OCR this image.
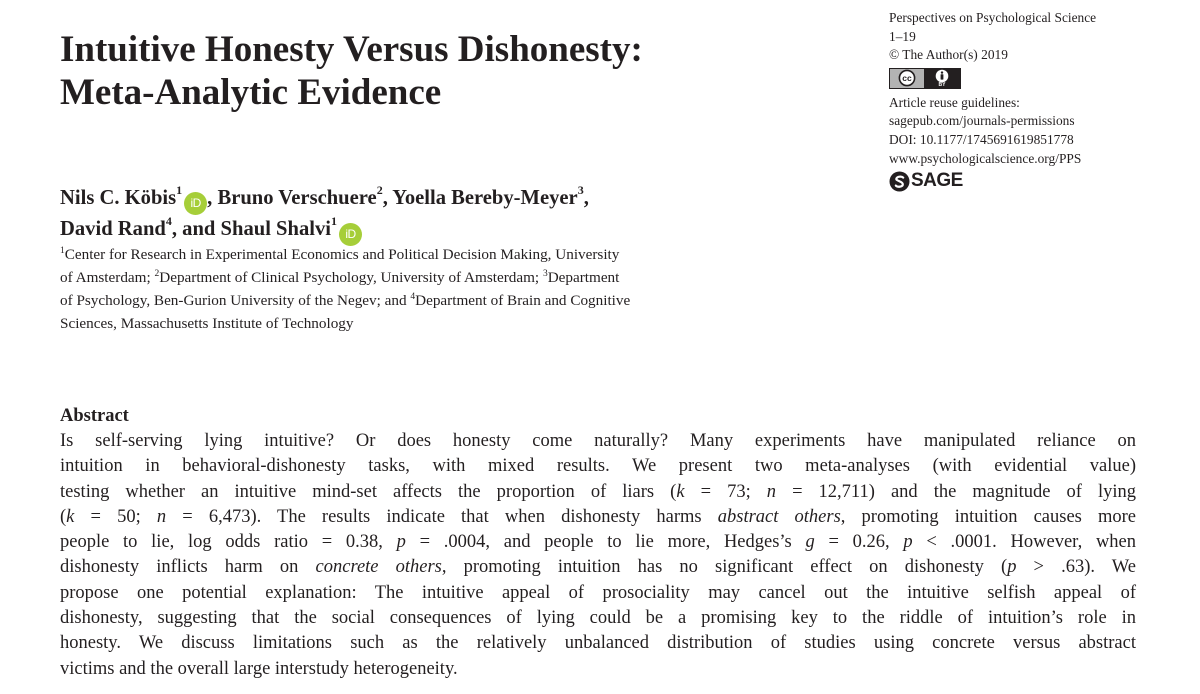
Intuitive Honesty Versus Dishonesty:
Meta-Analytic Evidence
Perspectives on Psychological Science
1–19
© The Author(s) 2019
cc
BY
Article reuse guidelines:
sagepub.com/journals-permissions
DOI: 10.1177/1745691619851778
www.psychologicalscience.org/PPS
SAGE
Nils C. Köbis$^1$iD , Bruno Verschuere$^2$, Yoella Bereby-Meyer$^3$,
David Rand$^4$, and Shaul Shalvi$^1$iD
$^1$Center for Research in Experimental Economics and Political Decision Making, University
of Amsterdam; $^2$Department of Clinical Psychology, University of Amsterdam; $^3$Department
of Psychology, Ben-Gurion University of the Negev; and $^4$Department of Brain and Cognitive
Sciences, Massachusetts Institute of Technology
Abstract
Is self-serving lying intuitive? Or does honesty come naturally? Many experiments have manipulated reliance on
intuition in behavioral-dishonesty tasks, with mixed results. We present two meta-analyses (with evidential value)
testing whether an intuitive mind-set affects the proportion of liars (k = 73; n = 12,711) and the magnitude of lying
(k = 50; n = 6,473). The results indicate that when dishonesty harms abstract others, promoting intuition causes more
people to lie, log odds ratio = 0.38, p = .0004, and people to lie more, Hedges’s g = 0.26, p < .0001. However, when
dishonesty inflicts harm on concrete others, promoting intuition has no significant effect on dishonesty (p > .63). We
propose one potential explanation: The intuitive appeal of prosociality may cancel out the intuitive selfish appeal of
dishonesty, suggesting that the social consequences of lying could be a promising key to the riddle of intuition’s role in
honesty. We discuss limitations such as the relatively unbalanced distribution of studies using concrete versus abstract
victims and the overall large interstudy heterogeneity.
